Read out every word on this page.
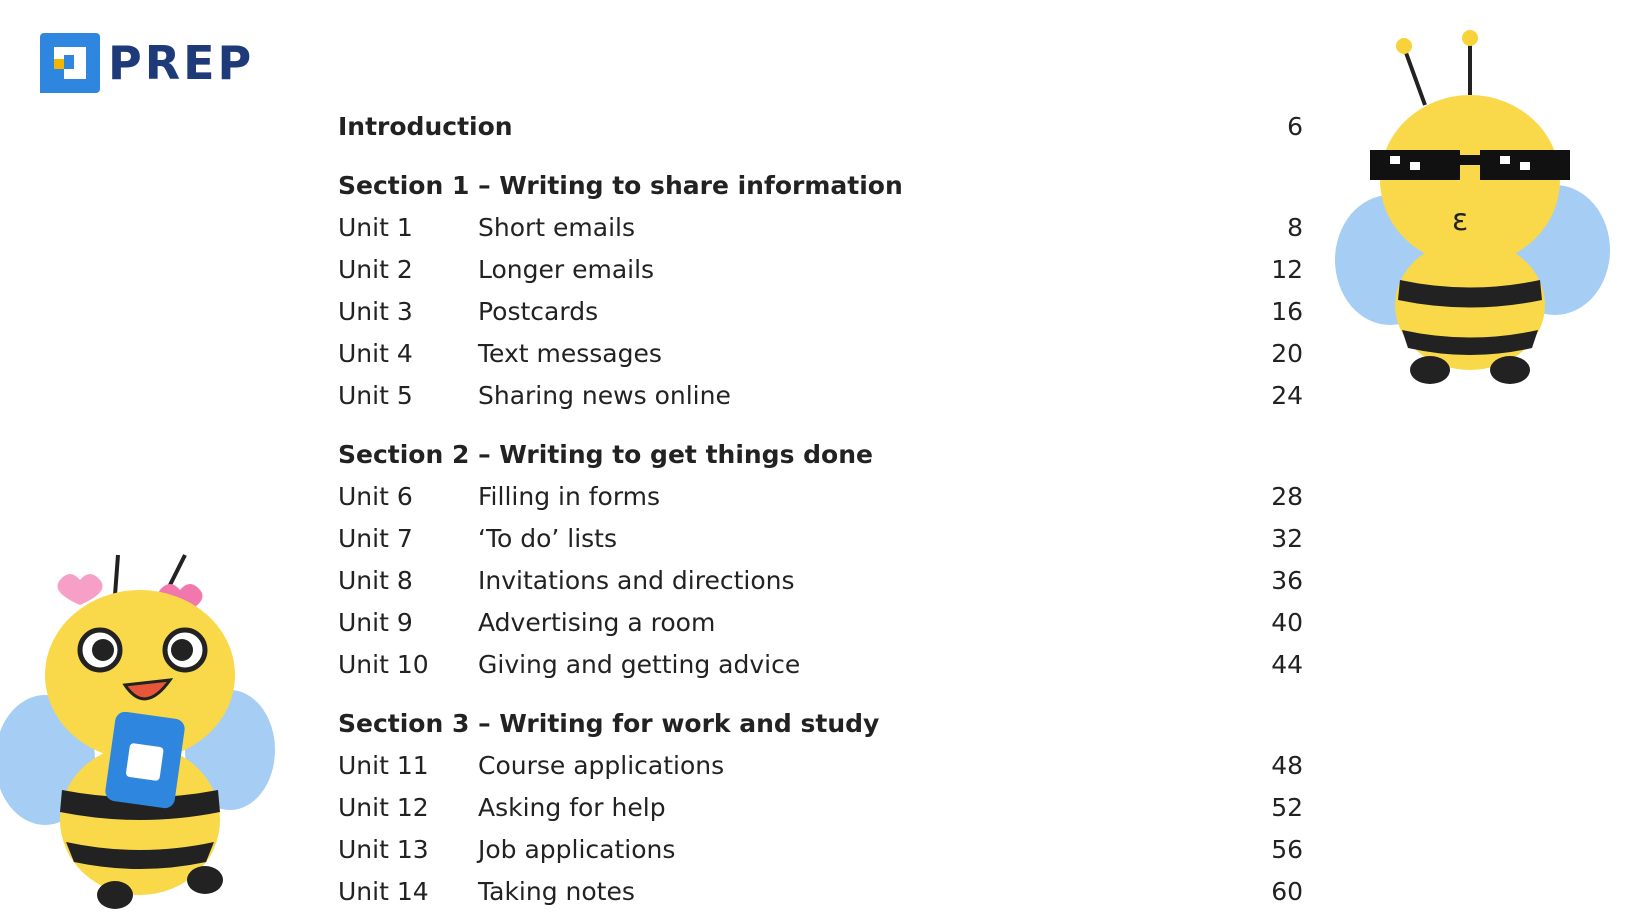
PREP
Introduction	6
Section 1 – Writing to share information
Unit 1	Short emails	8
Unit 2	Longer emails	12
Unit 3	Postcards	16
Unit 4	Text messages	20
Unit 5	Sharing news online	24
Section 2 – Writing to get things done
Unit 6	Filling in forms	28
Unit 7	‘To do’ lists	32
Unit 8	Invitations and directions	36
Unit 9	Advertising a room	40
Unit 10 Giving and getting advice	44
Section 3 – Writing for work and study
Unit 11 Course applications	48
Unit 12 Asking for help	52
Unit 13 Job applications	56
Unit 14 Taking notes	60
ε
